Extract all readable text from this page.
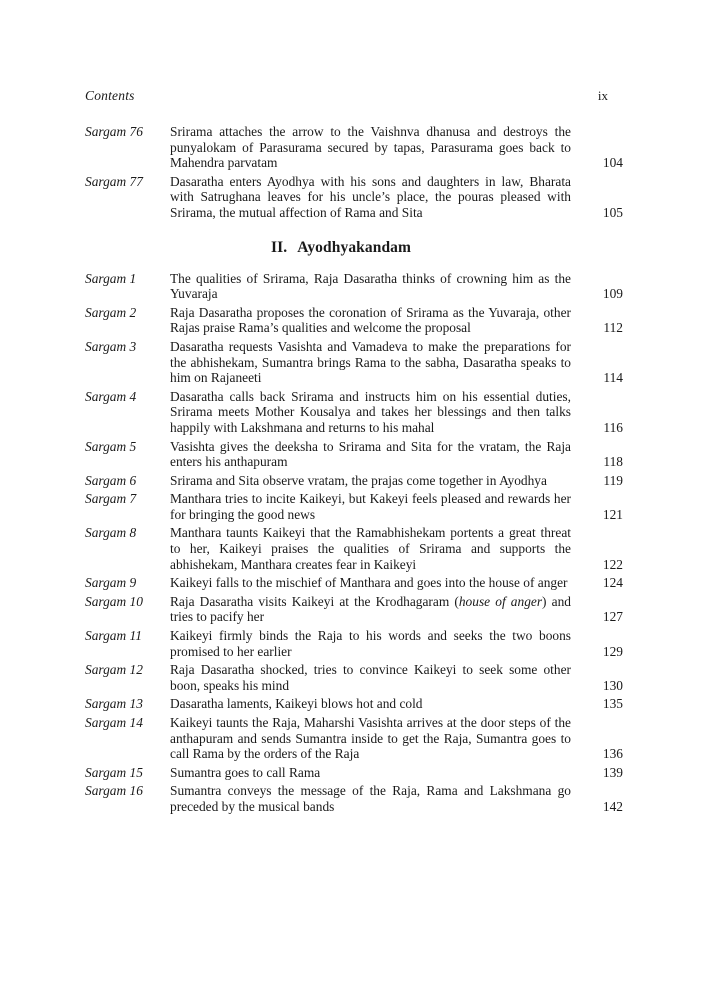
Contents	ix
Sargam 76	Srirama attaches the arrow to the Vaishnva dhanusa and destroys the punyalokam of Parasurama secured by tapas, Parasurama goes back to Mahendra parvatam	104
Sargam 77	Dasaratha enters Ayodhya with his sons and daughters in law, Bharata with Satrughana leaves for his uncle’s place, the pouras pleased with Srirama, the mutual affection of Rama and Sita	105
II. Ayodhyakandam
Sargam 1	The qualities of Srirama, Raja Dasaratha thinks of crowning him as the Yuvaraja	109
Sargam 2	Raja Dasaratha proposes the coronation of Srirama as the Yuvaraja, other Rajas praise Rama’s qualities and welcome the proposal	112
Sargam 3	Dasaratha requests Vasishta and Vamadeva to make the preparations for the abhishekam, Sumantra brings Rama to the sabha, Dasaratha speaks to him on Rajaneeti	114
Sargam 4	Dasaratha calls back Srirama and instructs him on his essential duties, Srirama meets Mother Kousalya and takes her blessings and then talks happily with Lakshmana and returns to his mahal	116
Sargam 5	Vasishta gives the deeksha to Srirama and Sita for the vratam, the Raja enters his anthapuram	118
Sargam 6	Srirama and Sita observe vratam, the prajas come together in Ayodhya	119
Sargam 7	Manthara tries to incite Kaikeyi, but Kakeyi feels pleased and rewards her for bringing the good news	121
Sargam 8	Manthara taunts Kaikeyi that the Ramabhishekam portents a great threat to her, Kaikeyi praises the qualities of Srirama and supports the abhishekam, Manthara creates fear in Kaikeyi	122
Sargam 9	Kaikeyi falls to the mischief of Manthara and goes into the house of anger	124
Sargam 10	Raja Dasaratha visits Kaikeyi at the Krodhagaram (house of anger) and tries to pacify her	127
Sargam 11	Kaikeyi firmly binds the Raja to his words and seeks the two boons promised to her earlier	129
Sargam 12	Raja Dasaratha shocked, tries to convince Kaikeyi to seek some other boon, speaks his mind	130
Sargam 13	Dasaratha laments, Kaikeyi blows hot and cold	135
Sargam 14	Kaikeyi taunts the Raja, Maharshi Vasishta arrives at the door steps of the anthapuram and sends Sumantra inside to get the Raja, Sumantra goes to call Rama by the orders of the Raja	136
Sargam 15	Sumantra goes to call Rama	139
Sargam 16	Sumantra conveys the message of the Raja, Rama and Lakshmana go preceded by the musical bands	142
